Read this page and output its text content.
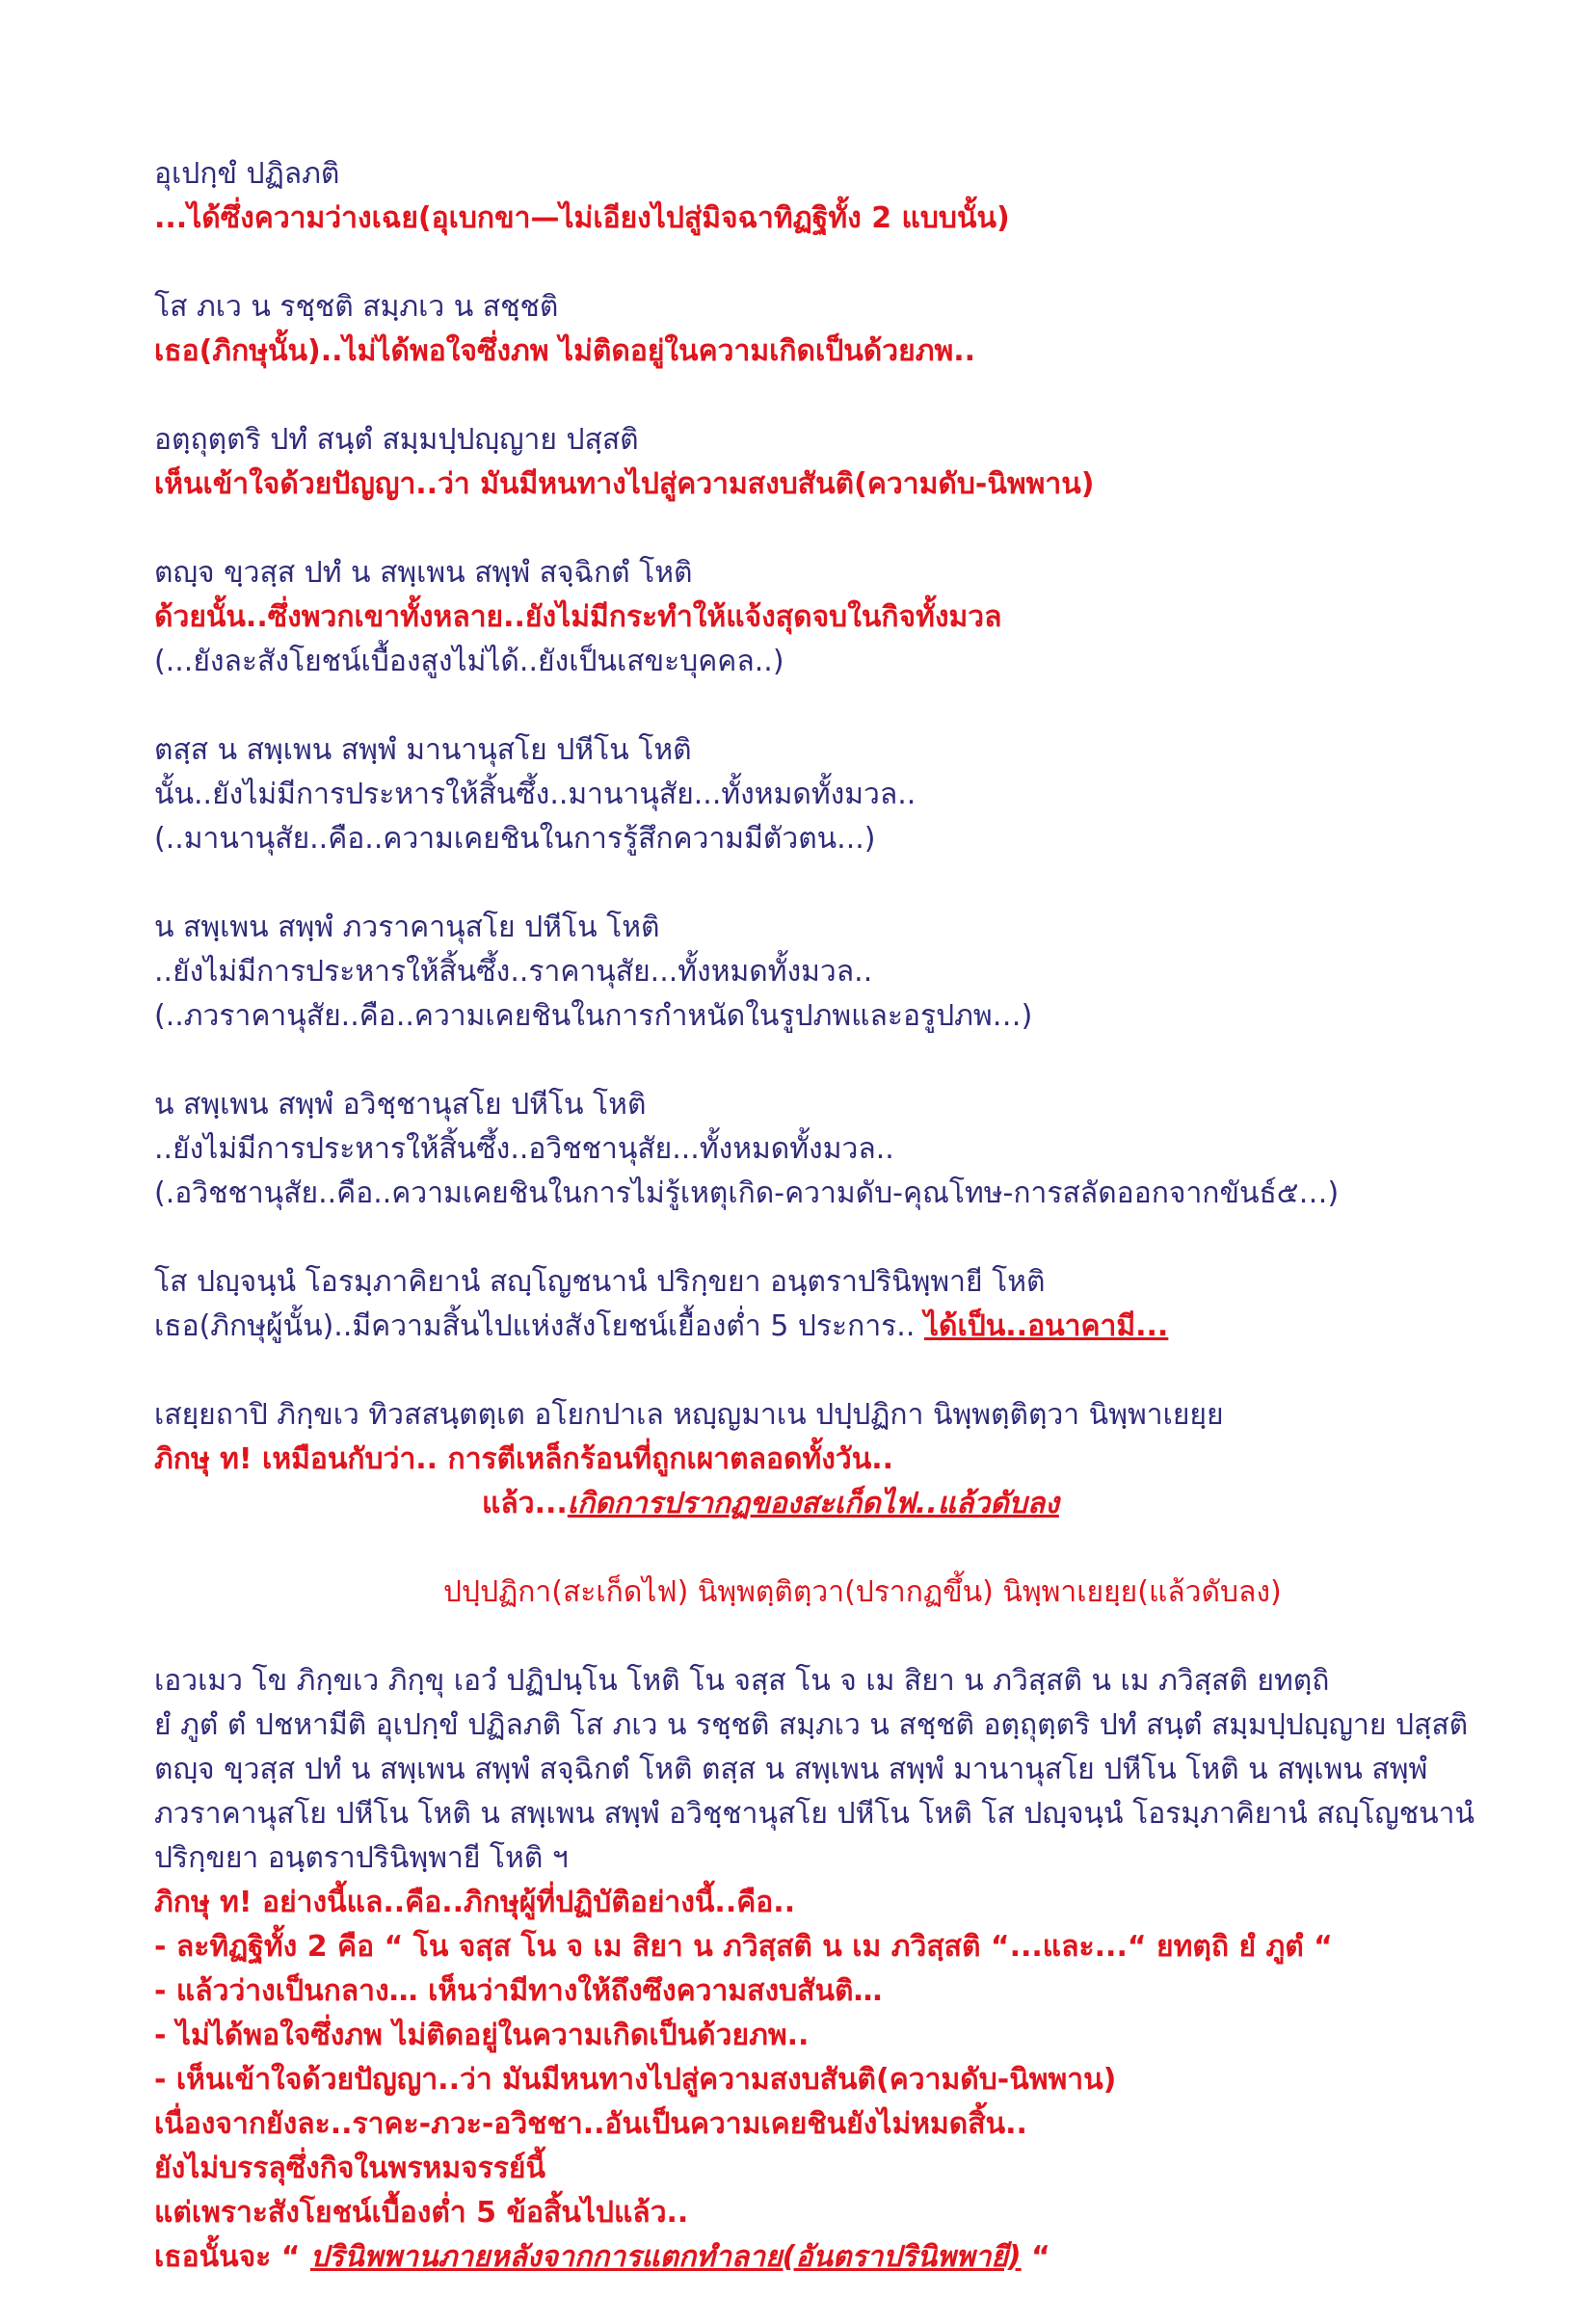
อุเปกฺขํ ปฏิลภติ

...ได้ซึ่งความว่างเฉย(อุเบกขา—ไม่เอียงไปสู่มิจฉาทิฏฐิทั้ง 2 แบบนั้น)

โส ภเว น รชฺชติ สมฺภเว น สชฺชติ

เธอ(ภิกษุนั้น)..ไม่ได้พอใจซึ่งภพ ไม่ติดอยู่ในความเกิดเป็นด้วยภพ..

อตฺถุตฺตริ ปทํ สนฺตํ สมฺมปฺปญฺญาย ปสฺสติ

เห็นเข้าใจด้วยปัญญา..ว่า มันมีหนทางไปสู่ความสงบสันติ(ความดับ-นิพพาน)

ตญฺจ ขฺวสฺส ปทํ น สพฺเพน สพฺพํ สจฺฉิกตํ โหติ

ด้วยนั้น..ซึ่งพวกเขาทั้งหลาย..ยังไม่มีกระทำให้แจ้งสุดจบในกิจทั้งมวล

(...ยังละสังโยชน์เบื้องสูงไม่ได้..ยังเป็นเสขะบุคคล..)

ตสฺส น สพฺเพน สพฺพํ มานานุสโย ปหีโน โหติ

นั้น..ยังไม่มีการประหารให้สิ้นซึ้ง..มานานุสัย...ทั้งหมดทั้งมวล..

(..มานานุสัย..คือ..ความเคยชินในการรู้สึกความมีตัวตน...)

น สพฺเพน สพฺพํ ภวราคานุสโย ปหีโน โหติ

..ยังไม่มีการประหารให้สิ้นซึ้ง..ราคานุสัย...ทั้งหมดทั้งมวล..

(..ภวราคานุสัย..คือ..ความเคยชินในการกำหนัดในรูปภพและอรูปภพ…)

น สพฺเพน สพฺพํ อวิชฺชานุสโย ปหีโน โหติ

..ยังไม่มีการประหารให้สิ้นซึ้ง..อวิชชานุสัย...ทั้งหมดทั้งมวล..

(.อวิชชานุสัย..คือ..ความเคยชินในการไม่รู้เหตุเกิด-ความดับ-คุณโทษ-การสลัดออกจากขันธ์๕…)

โส ปญฺจนฺนํ โอรมฺภาคิยานํ สญฺโญชนานํ ปริกฺขยา อนฺตราปรินิพฺพายี โหติ

เธอ(ภิกษุผู้นั้น)..มีความสิ้นไปแห่งสังโยชน์เยื้องต่ำ 5 ประการ.. ได้เป็น..อนาคามี...

เสยฺยถาปิ ภิกฺขเว ทิวสสนฺตตฺเต อโยกปาเล หญฺญมาเน ปปฺปฏิกา นิพฺพตฺติตฺวา นิพฺพาเยยฺย

ภิกษุ ท! เหมือนกับว่า.. การตีเหล็กร้อนที่ถูกเผาตลอดทั้งวัน..

แล้ว...เกิดการปรากฏของสะเก็ดไฟ..แล้วดับลง

ปปฺปฏิกา(สะเก็ดไฟ) นิพฺพตฺติตฺวา(ปรากฏขึ้น) นิพฺพาเยยฺย(แล้วดับลง)

เอวเมว โข ภิกฺขเว ภิกฺขุ เอวํ ปฏิปนฺโน โหติ โน จสฺส โน จ เม สิยา น ภวิสฺสติ น เม ภวิสฺสติ ยทตฺถิ

ยํ ภูตํ ตํ ปชหามีติ อุเปกฺขํ ปฏิลภติ โส ภเว น รชฺชติ สมฺภเว น สชฺชติ อตฺถุตฺตริ ปทํ สนฺตํ สมฺมปฺปญฺญาย ปสฺสติ

ตญฺจ ขฺวสฺส ปทํ น สพฺเพน สพฺพํ สจฺฉิกตํ โหติ ตสฺส น สพฺเพน สพฺพํ มานานุสโย ปหีโน โหติ น สพฺเพน สพฺพํ

ภวราคานุสโย ปหีโน โหติ น สพฺเพน สพฺพํ อวิชฺชานุสโย ปหีโน โหติ โส ปญฺจนฺนํ โอรมฺภาคิยานํ สญฺโญชนานํ

ปริกฺขยา อนฺตราปรินิพฺพายี โหติ ฯ

ภิกษุ ท! อย่างนี้แล..คือ..ภิกษุผู้ที่ปฏิบัติอย่างนี้..คือ..

- ละทิฏฐิทั้ง 2 คือ “ โน จสฺส โน จ เม สิยา น ภวิสฺสติ น เม ภวิสฺสติ “...และ...“ ยทตฺถิ ยํ ภูตํ “

- แล้วว่างเป็นกลาง… เห็นว่ามีทางให้ถึงซึงความสงบสันติ…

- ไม่ได้พอใจซึ่งภพ ไม่ติดอยู่ในความเกิดเป็นด้วยภพ..

- เห็นเข้าใจด้วยปัญญา..ว่า มันมีหนทางไปสู่ความสงบสันติ(ความดับ-นิพพาน)

เนื่องจากยังละ..ราคะ-ภวะ-อวิชชา..อันเป็นความเคยชินยังไม่หมดสิ้น..

ยังไม่บรรลุซึ่งกิจในพรหมจรรย์นี้

แต่เพราะสังโยชน์เบื้องต่ำ 5 ข้อสิ้นไปแล้ว..

เธอนั้นจะ “ ปรินิพพานภายหลังจากการแตกทำลาย(อันตราปรินิพพายี) “
